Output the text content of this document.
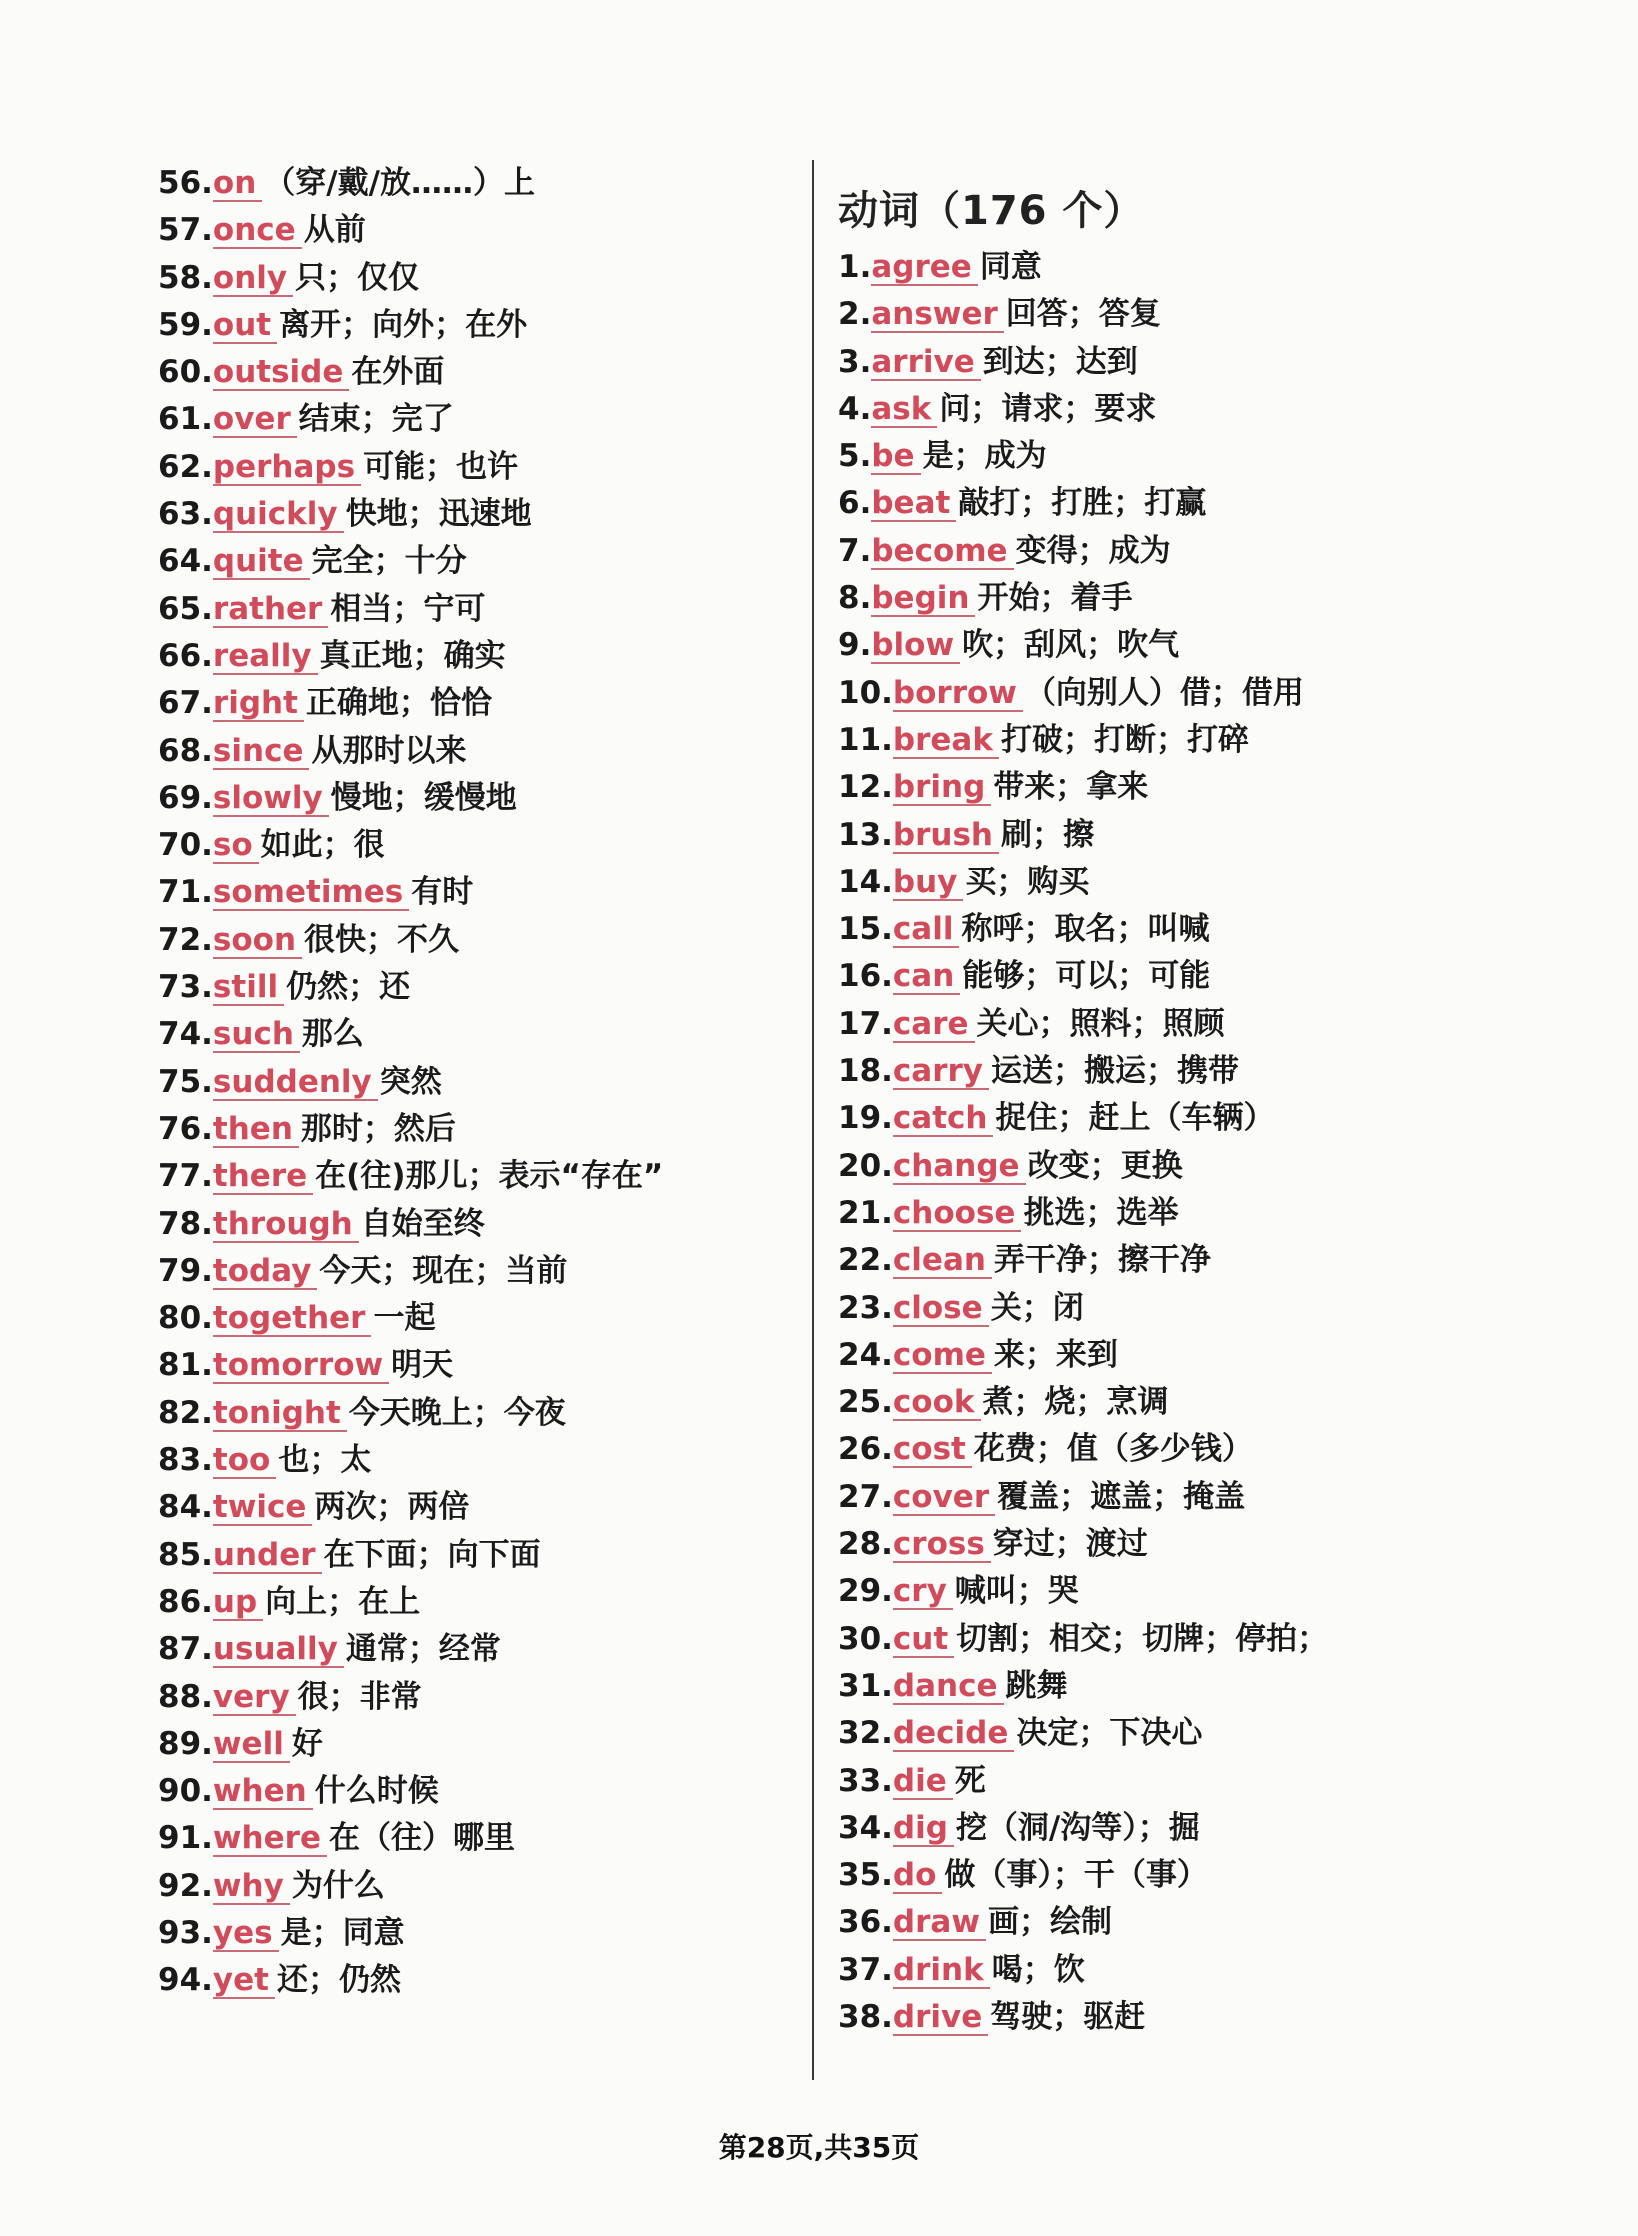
56.on （穿/戴/放……）上
57.once 从前
58.only 只；仅仅
59.out 离开；向外；在外
60.outside 在外面
61.over 结束；完了
62.perhaps 可能；也许
63.quickly 快地；迅速地
64.quite 完全；十分
65.rather 相当；宁可
66.really 真正地；确实
67.right 正确地；恰恰
68.since 从那时以来
69.slowly 慢地；缓慢地
70.so 如此；很
71.sometimes 有时
72.soon 很快；不久
73.still 仍然；还
74.such 那么
75.suddenly 突然
76.then 那时；然后
77.there 在(往)那儿；表示“存在”
78.through 自始至终
79.today 今天；现在；当前
80.together 一起
81.tomorrow 明天
82.tonight 今天晚上；今夜
83.too 也；太
84.twice 两次；两倍
85.under 在下面；向下面
86.up 向上；在上
87.usually 通常；经常
88.very 很；非常
89.well 好
90.when 什么时候
91.where 在（往）哪里
92.why 为什么
93.yes 是；同意
94.yet 还；仍然
动词（176 个）
1.agree 同意
2.answer 回答；答复
3.arrive 到达；达到
4.ask 问；请求；要求
5.be 是；成为
6.beat 敲打；打胜；打赢
7.become 变得；成为
8.begin 开始；着手
9.blow 吹；刮风；吹气
10.borrow （向别人）借；借用
11.break 打破；打断；打碎
12.bring 带来；拿来
13.brush 刷；擦
14.buy 买；购买
15.call 称呼；取名；叫喊
16.can 能够；可以；可能
17.care 关心；照料；照顾
18.carry 运送；搬运；携带
19.catch 捉住；赶上（车辆）
20.change 改变；更换
21.choose 挑选；选举
22.clean 弄干净；擦干净
23.close 关；闭
24.come 来；来到
25.cook 煮；烧；烹调
26.cost 花费；值（多少钱）
27.cover 覆盖；遮盖；掩盖
28.cross 穿过；渡过
29.cry 喊叫；哭
30.cut 切割；相交；切牌；停拍；
31.dance 跳舞
32.decide 决定；下决心
33.die 死
34.dig 挖（洞/沟等）；掘
35.do 做（事）；干（事）
36.draw 画；绘制
37.drink 喝；饮
38.drive 驾驶；驱赶
第28页,共35页
